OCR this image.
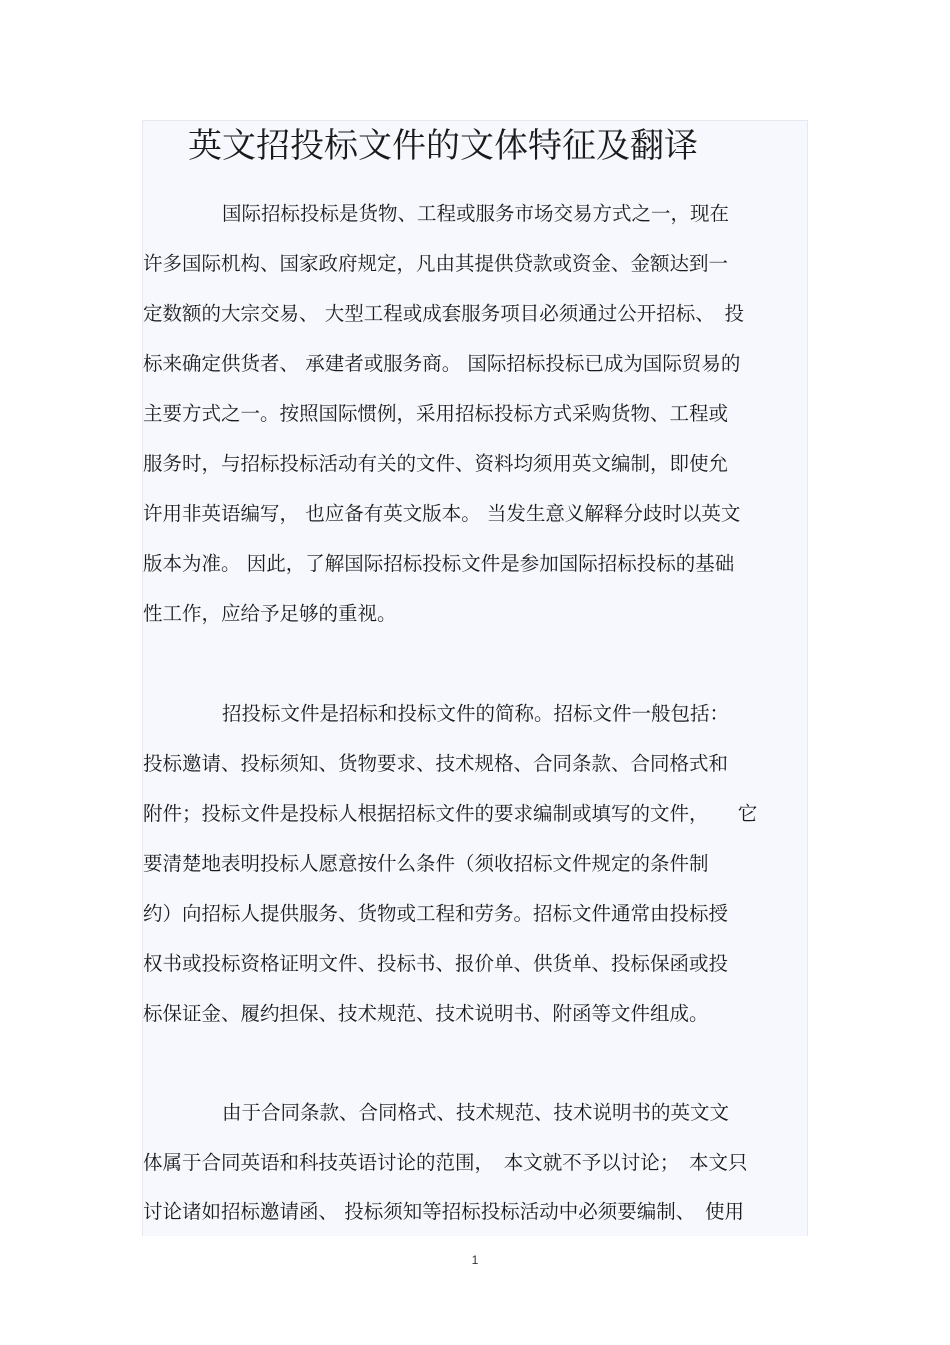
英文招投标文件的文体特征及翻译
国际招标投标是货物、工程或服务市场交易方式之一，现在
许多国际机构、国家政府规定，凡由其提供贷款或资金、金额达到一
定数额的大宗交易、 大型工程或成套服务项目必须通过公开招标、　投
标来确定供货者、 承建者或服务商。 国际招标投标已成为国际贸易的
主要方式之一。按照国际惯例，采用招标投标方式采购货物、工程或
服务时，与招标投标活动有关的文件、资料均须用英文编制，即使允
许用非英语编写， 也应备有英文版本。 当发生意义解释分歧时以英文
版本为准。 因此，了解国际招标投标文件是参加国际招标投标的基础
性工作，应给予足够的重视。
招投标文件是招标和投标文件的简称。招标文件一般包括：
投标邀请、投标须知、货物要求、技术规格、合同条款、合同格式和
附件；投标文件是投标人根据招标文件的要求编制或填写的文件，　　它
要清楚地表明投标人愿意按什么条件（须收招标文件规定的条件制
约）向招标人提供服务、货物或工程和劳务。招标文件通常由投标授
权书或投标资格证明文件、投标书、报价单、供货单、投标保函或投
标保证金、履约担保、技术规范、技术说明书、附函等文件组成。
由于合同条款、合同格式、技术规范、技术说明书的英文文
体属于合同英语和科技英语讨论的范围，　本文就不予以讨论；　本文只
讨论诸如招标邀请函、 投标须知等招标投标活动中必须要编制、　使用
1
